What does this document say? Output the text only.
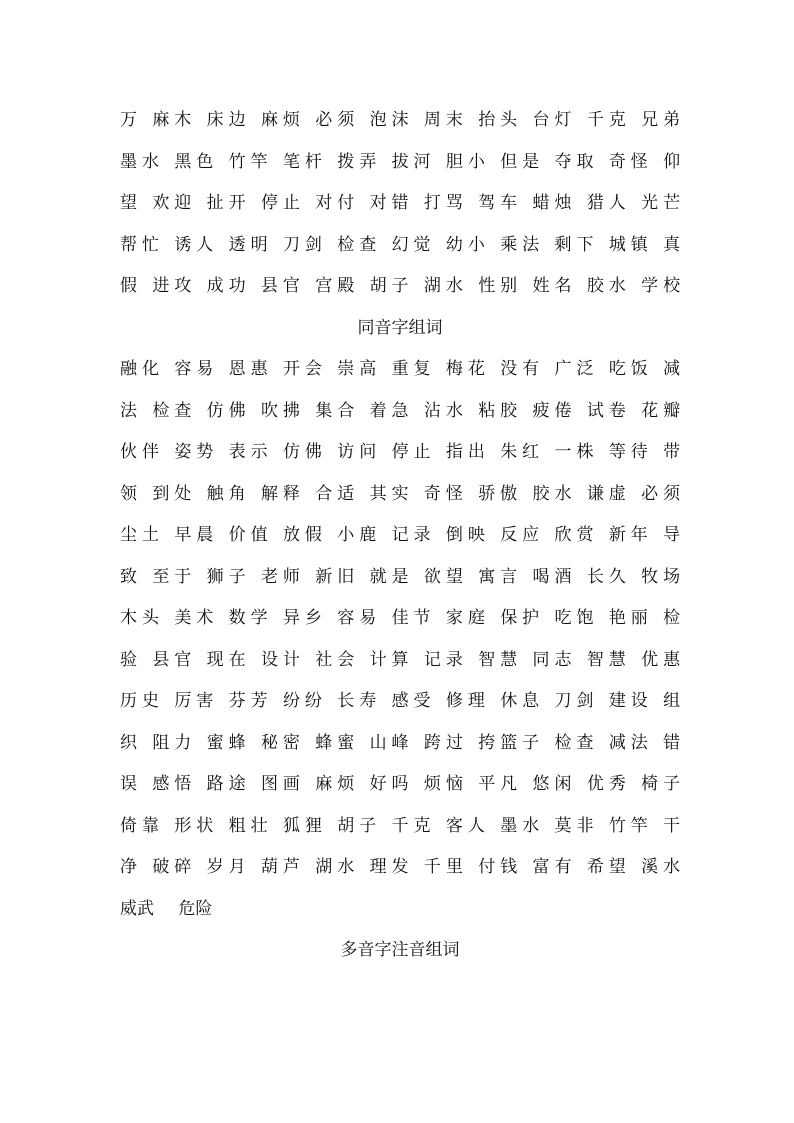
万 麻木 床边 麻烦 必须 泡沫 周末 抬头 台灯 千克 兄弟
墨水 黑色 竹竿 笔杆 拨弄 拔河 胆小 但是 夺取 奇怪 仰
望 欢迎 扯开 停止 对付 对错 打骂 驾车 蜡烛 猎人 光芒
帮忙 诱人 透明 刀剑 检查 幻觉 幼小 乘法 剩下 城镇 真
假 进攻 成功 县官 宫殿 胡子 湖水 性别 姓名 胶水 学校
同音字组词
融化 容易 恩惠 开会 崇高 重复 梅花 没有 广泛 吃饭 减
法 检查 仿佛 吹拂 集合 着急 沾水 粘胶 疲倦 试卷 花瓣
伙伴 姿势 表示 仿佛 访问 停止 指出 朱红 一株 等待 带
领 到处 触角 解释 合适 其实 奇怪 骄傲 胶水 谦虚 必须
尘土 早晨 价值 放假 小鹿 记录 倒映 反应 欣赏 新年 导
致 至于 狮子 老师 新旧 就是 欲望 寓言 喝酒 长久 牧场
木头 美术 数学 异乡 容易 佳节 家庭 保护 吃饱 艳丽 检
验 县官 现在 设计 社会 计算 记录 智慧 同志 智慧 优惠
历史 厉害 芬芳 纷纷 长寿 感受 修理 休息 刀剑 建设 组
织 阻力 蜜蜂 秘密 蜂蜜 山峰 跨过 挎篮子 检查 减法 错
误 感悟 路途 图画 麻烦 好吗 烦恼 平凡 悠闲 优秀 椅子
倚靠 形状 粗壮 狐狸 胡子 千克 客人 墨水 莫非 竹竿 干
净 破碎 岁月 葫芦 湖水 理发 千里 付钱 富有 希望 溪水
威武 危险
多音字注音组词
